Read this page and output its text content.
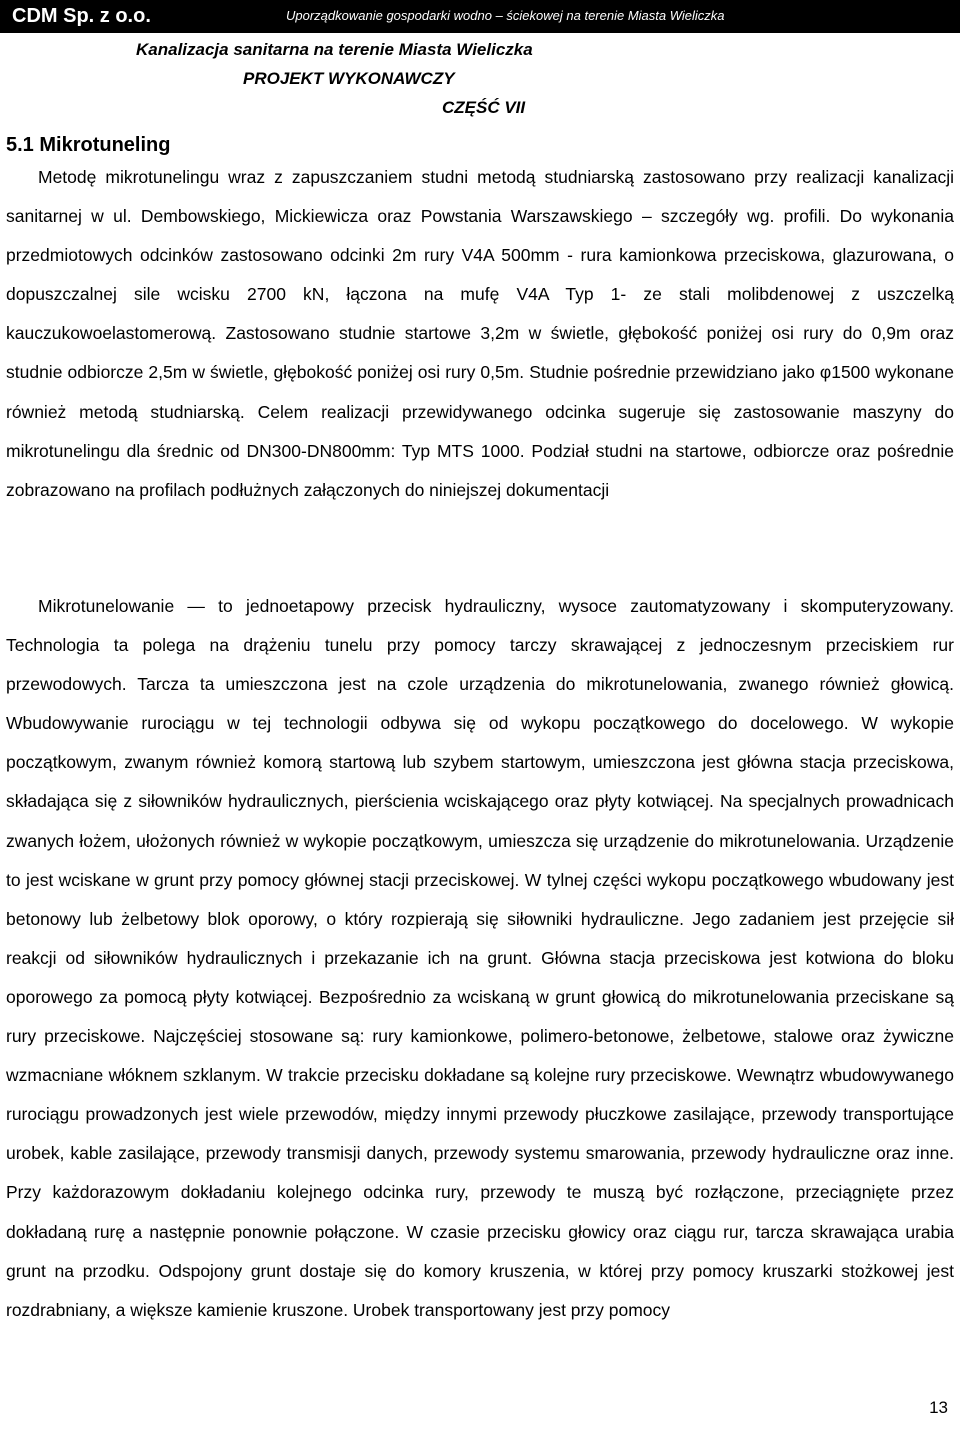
CDM Sp. z o.o.	Uporządkowanie gospodarki wodno – ściekowej na terenie Miasta Wieliczka
Kanalizacja sanitarna na terenie Miasta Wieliczka
PROJEKT WYKONAWCZY
CZĘŚĆ VII
5.1 Mikrotuneling

Metodę mikrotunelingu wraz z zapuszczaniem studni metodą studniarską zastosowano przy realizacji kanalizacji sanitarnej w ul. Dembowskiego, Mickiewicza oraz Powstania Warszawskiego – szczegóły wg. profili. Do wykonania przedmiotowych odcinków zastosowano odcinki 2m rury V4A 500mm - rura kamionkowa przeciskowa, glazurowana, o dopuszczalnej sile wcisku 2700 kN, łączona na mufę V4A Typ 1- ze stali molibdenowej z uszczelką kauczukowoelastomerową. Zastosowano studnie startowe 3,2m w świetle, głębokość poniżej osi rury do 0,9m oraz studnie odbiorcze 2,5m w świetle, głębokość poniżej osi rury 0,5m. Studnie pośrednie przewidziano jako φ1500 wykonane również metodą studniarską. Celem realizacji przewidywanego odcinka sugeruje się zastosowanie maszyny do mikrotunelingu dla średnic od DN300-DN800mm: Typ MTS 1000. Podział studni na startowe, odbiorcze oraz pośrednie zobrazowano na profilach podłużnych załączonych do niniejszej dokumentacji

Mikrotunelowanie — to jednoetapowy przecisk hydrauliczny, wysoce zautomatyzowany i skomputeryzowany. Technologia ta polega na drążeniu tunelu przy pomocy tarczy skrawającej z jednoczesnym przeciskiem rur przewodowych. Tarcza ta umieszczona jest na czole urządzenia do mikrotunelowania, zwanego również głowicą. Wbudowywanie rurociągu w tej technologii odbywa się od wykopu początkowego do docelowego. W wykopie początkowym, zwanym również komorą startową lub szybem startowym, umieszczona jest główna stacja przeciskowa, składająca się z siłowników hydraulicznych, pierścienia wciskającego oraz płyty kotwiącej. Na specjalnych prowadnicach zwanych łożem, ułożonych również w wykopie początkowym, umieszcza się urządzenie do mikrotunelowania. Urządzenie to jest wciskane w grunt przy pomocy głównej stacji przeciskowej. W tylnej części wykopu początkowego wbudowany jest betonowy lub żelbetowy blok oporowy, o który rozpierają się siłowniki hydrauliczne. Jego zadaniem jest przejęcie sił reakcji od siłowników hydraulicznych i przekazanie ich na grunt. Główna stacja przeciskowa jest kotwiona do bloku oporowego za pomocą płyty kotwiącej. Bezpośrednio za wciskaną w grunt głowicą do mikrotunelowania przeciskane są rury przeciskowe. Najczęściej stosowane są: rury kamionkowe, polimero-betonowe, żelbetowe, stalowe oraz żywiczne wzmacniane włóknem szklanym. W trakcie przecisku dokładane są kolejne rury przeciskowe. Wewnątrz wbudowywanego rurociągu prowadzonych jest wiele przewodów, między innymi przewody płuczkowe zasilające, przewody transportujące urobek, kable zasilające, przewody transmisji danych, przewody systemu smarowania, przewody hydrauliczne oraz inne. Przy każdorazowym dokładaniu kolejnego odcinka rury, przewody te muszą być rozłączone, przeciągnięte przez dokładaną rurę a następnie ponownie połączone. W czasie przecisku głowicy oraz ciągu rur, tarcza skrawająca urabia grunt na przodku. Odspojony grunt dostaje się do komory kruszenia, w której przy pomocy kruszarki stożkowej jest rozdrabniany, a większe kamienie kruszone. Urobek transportowany jest przy pomocy

13
